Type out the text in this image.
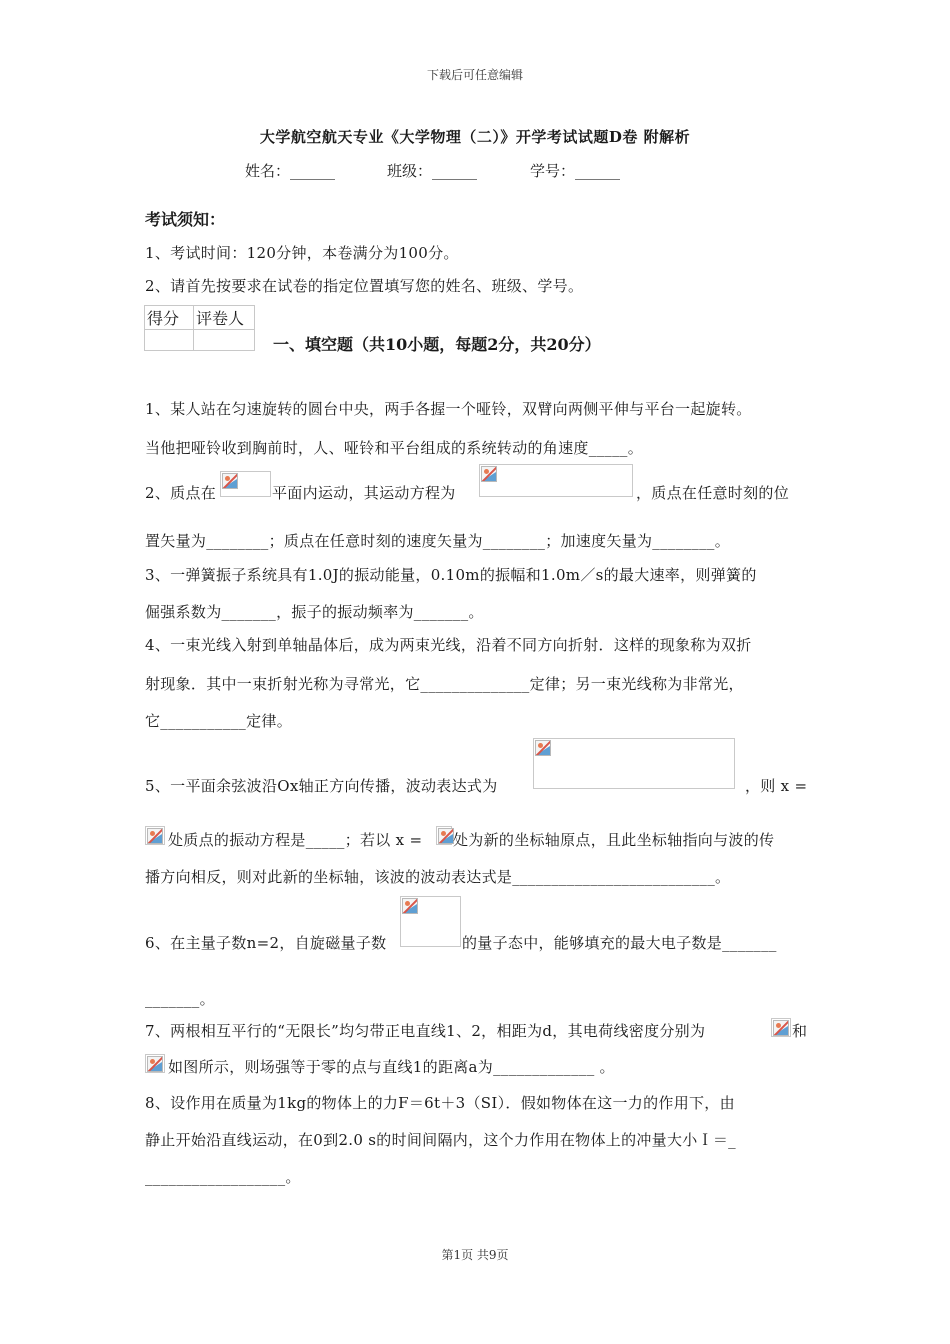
下载后可任意编辑
大学航空航天专业《大学物理（二）》开学考试试题D卷 附解析
姓名：______	班级：______	学号：______
考试须知：
1、考试时间：120分钟，本卷满分为100分。
2、请首先按要求在试卷的指定位置填写您的姓名、班级、学号。
得分	评卷人

一、填空题（共10小题，每题2分，共20分）
1、某人站在匀速旋转的圆台中央，两手各握一个哑铃，双臂向两侧平伸与平台一起旋转。
当他把哑铃收到胸前时，人、哑铃和平台组成的系统转动的角速度_____。
2、质点在	平面内运动，其运动方程为	，质点在任意时刻的位
置矢量为________；质点在任意时刻的速度矢量为________；加速度矢量为________。
3、一弹簧振子系统具有1.0J的振动能量，0.10m的振幅和1.0m／s的最大速率，则弹簧的
倔强系数为_______，振子的振动频率为_______。
4、一束光线入射到单轴晶体后，成为两束光线，沿着不同方向折射．这样的现象称为双折
射现象．其中一束折射光称为寻常光，它______________定律；另一束光线称为非常光，
它___________定律。
5、一平面余弦波沿Ox轴正方向传播，波动表达式为	，则 x =
处质点的振动方程是_____；若以 x = 处为新的坐标轴原点，且此坐标轴指向与波的传
播方向相反，则对此新的坐标轴，该波的波动表达式是__________________________。
6、在主量子数n=2，自旋磁量子数	的量子态中，能够填充的最大电子数是_______
_______。
7、两根相互平行的“无限长”均匀带正电直线1、2，相距为d，其电荷线密度分别为	和
如图所示，则场强等于零的点与直线1的距离a为_____________ 。
8、设作用在质量为1kg的物体上的力F＝6t＋3（SI）．假如物体在这一力的作用下，由
静止开始沿直线运动，在0到2.0 s的时间间隔内，这个力作用在物体上的冲量大小Ｉ＝_
__________________。
第1页 共9页
